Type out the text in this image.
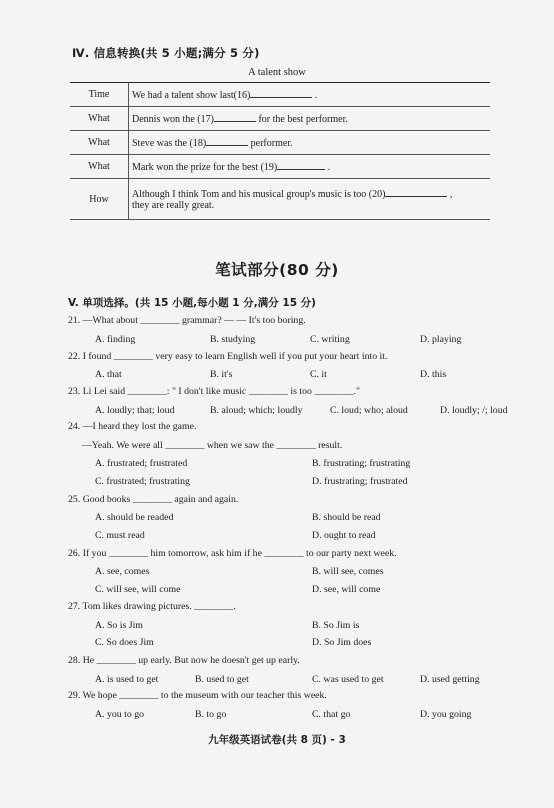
Ⅳ. 信息转换(共 5 小题;满分 5 分)
A talent show
Time	We had a talent show last(16) .
What	Dennis won the (17) for the best performer.
What	Steve was the (18) performer.
What	Mark won the prize for the best (19) .
How	Although I think Tom and his musical group's music is too (20) ,
they are really great.
笔试部分(80 分)
V. 单项选择。(共 15 小题,每小题 1 分,满分 15 分)
21. —What about ________ grammar? — — It's too boring.
A. finding	B. studying	C. writing	D. playing
22. I found ________ very easy to learn English well if you put your heart into it.
A. that	B. it's	C. it	D. this
23. Li Lei said ________: " I don't like music ________ is too ________."
A. loudly; that; loud	B. aloud; which; loudly	C. loud; who; aloud	D. loudly; /; loud
24. —I heard they lost the game.
—Yeah. We were all ________ when we saw the ________ result.
A. frustrated; frustrated	B. frustrating; frustrating
C. frustrated; frustrating	D. frustrating; frustrated
25. Good books ________ again and again.
A. should be readed	B. should be read
C. must read	D. ought to read
26. If you ________ him tomorrow, ask him if he ________ to our party next week.
A. see, comes	B. will see, comes
C. will see, will come	D. see, will come
27. Tom likes drawing pictures. ________.
A. So is Jim	B. So Jim is
C. So does Jim	D. So Jim does
28. He ________ up early. But now he doesn't get up early.
A. is used to get	B. used to get	C. was used to get	D. used getting
29. We hope ________ to the museum with our teacher this week.
A. you to go	B. to go	C. that go	D. you going
九年级英语试卷(共 8 页) - 3
